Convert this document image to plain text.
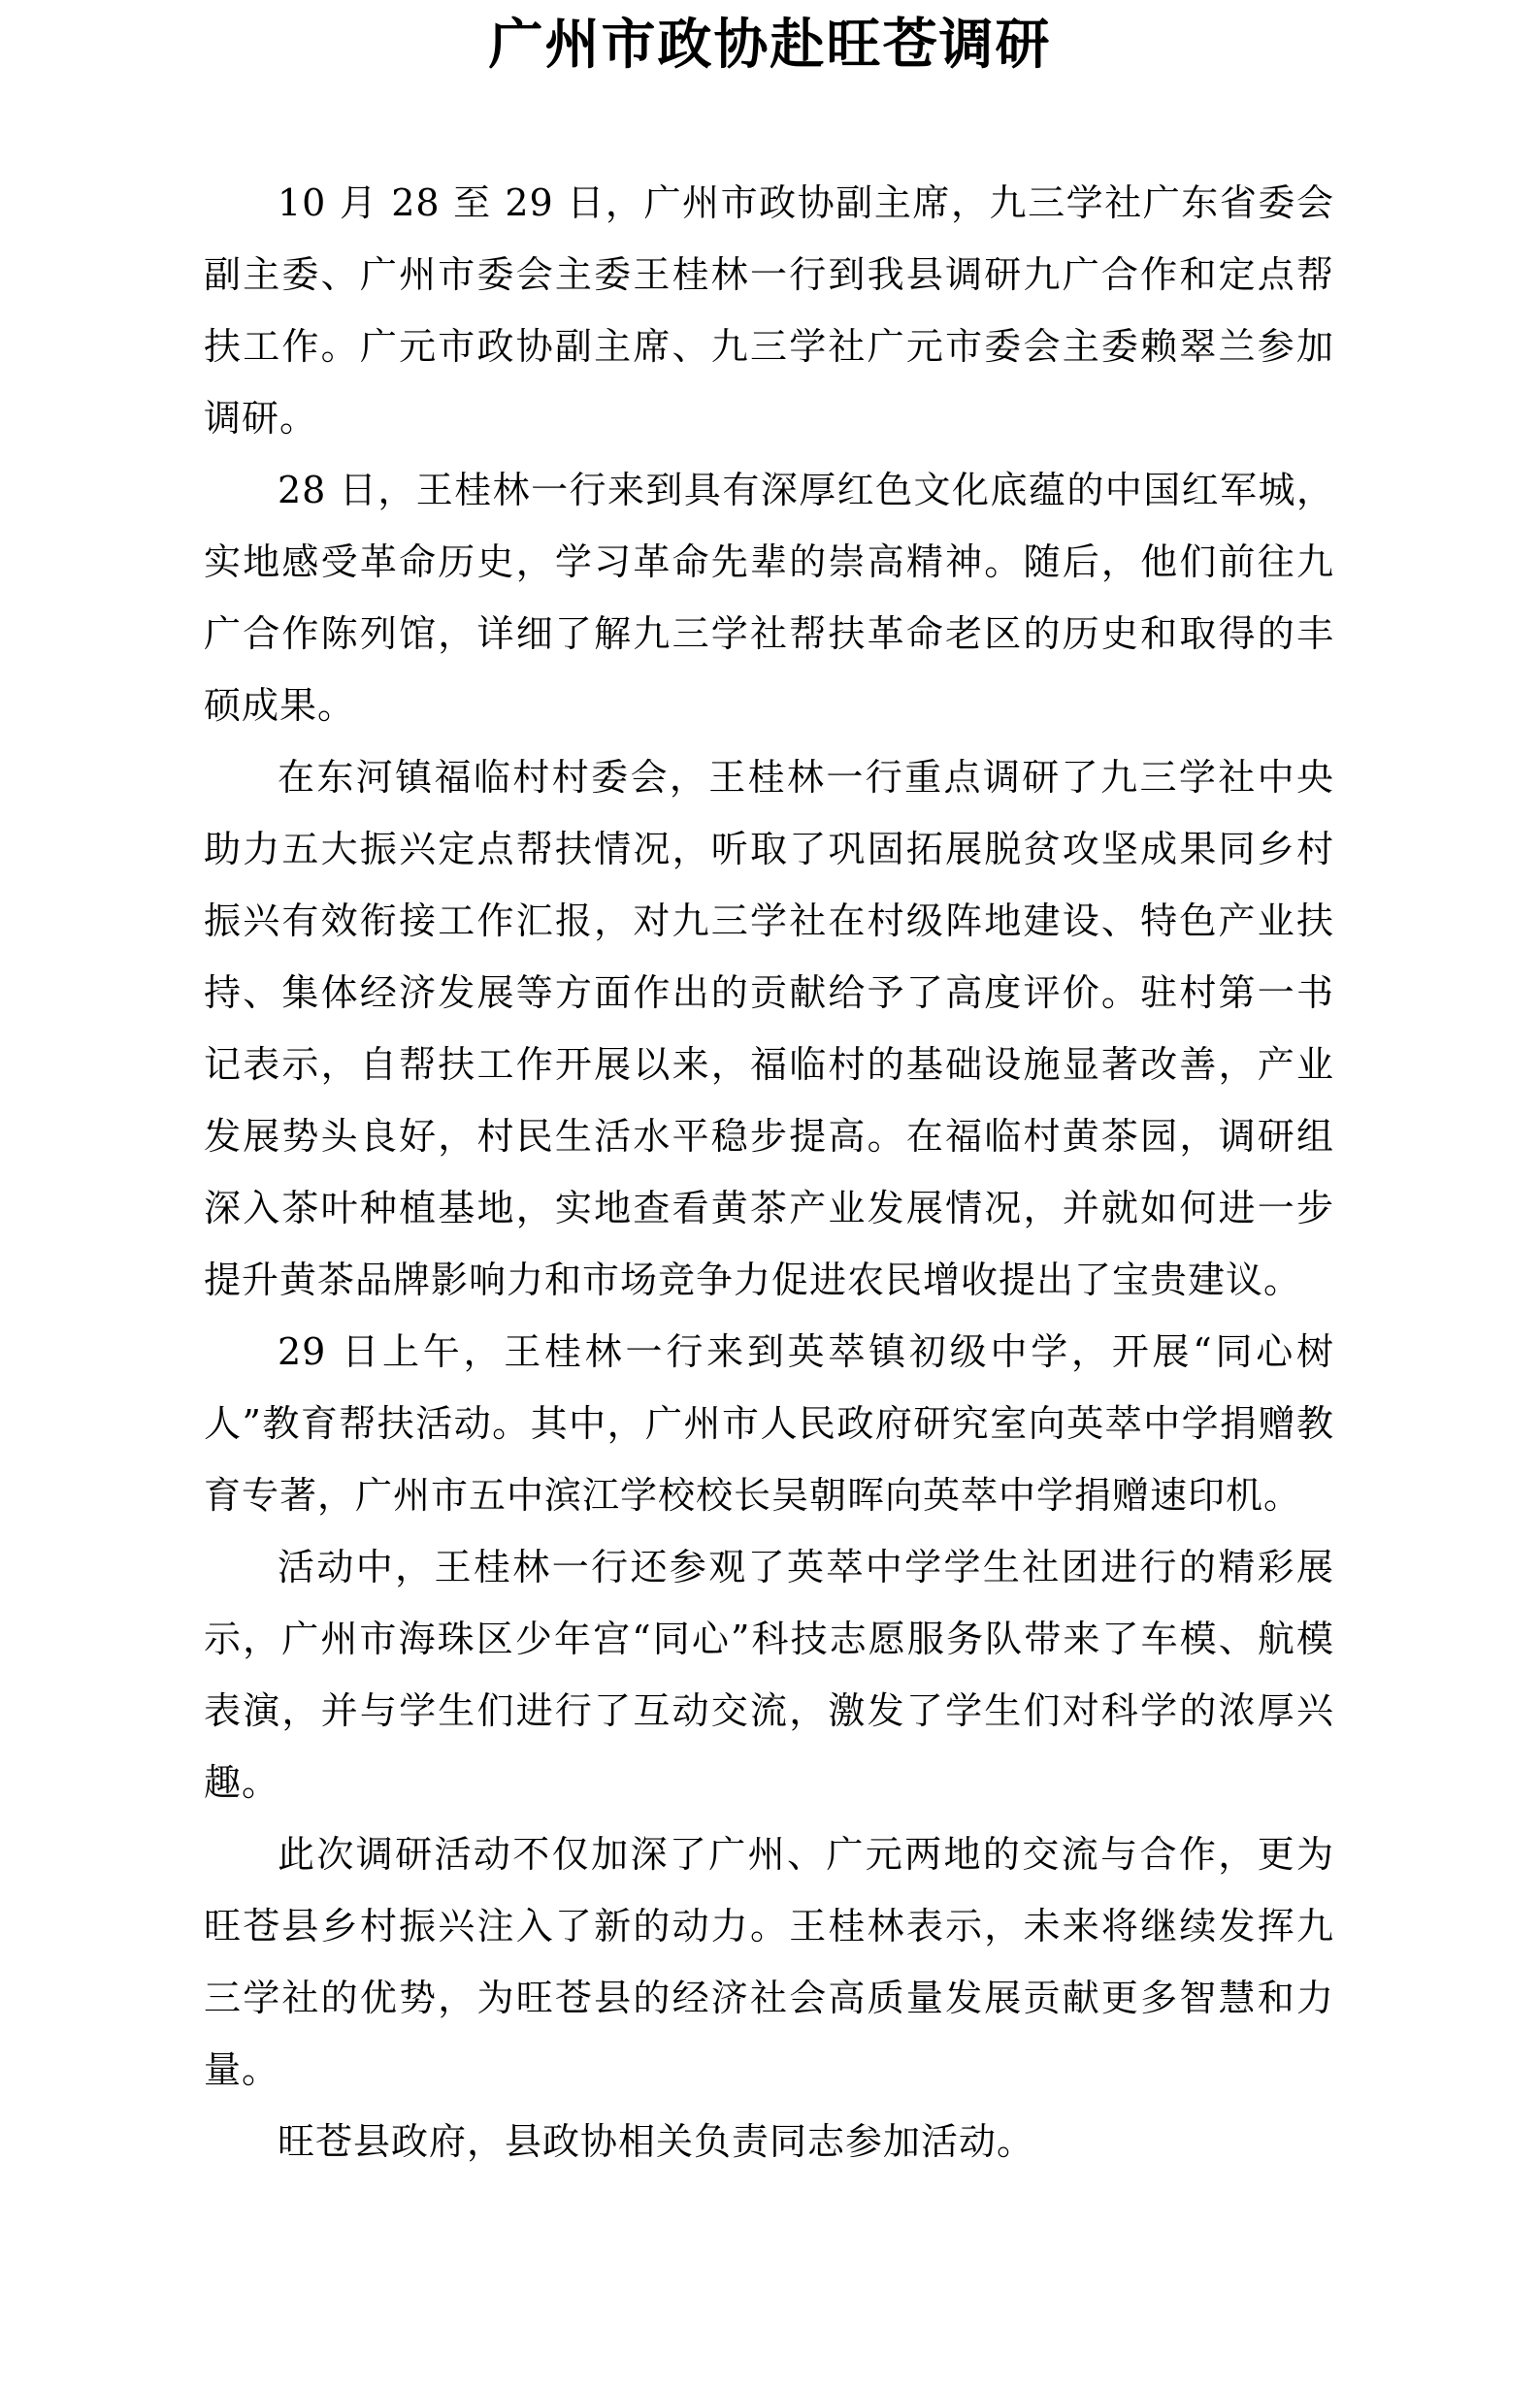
广州市政协赴旺苍调研

10 月 28 至 29 日，广州市政协副主席，九三学社广东省委会副主委、广州市委会主委王桂林一行到我县调研九广合作和定点帮扶工作。广元市政协副主席、九三学社广元市委会主委赖翠兰参加调研。

28 日，王桂林一行来到具有深厚红色文化底蕴的中国红军城，实地感受革命历史，学习革命先辈的崇高精神。随后，他们前往九广合作陈列馆，详细了解九三学社帮扶革命老区的历史和取得的丰硕成果。

在东河镇福临村村委会，王桂林一行重点调研了九三学社中央助力五大振兴定点帮扶情况，听取了巩固拓展脱贫攻坚成果同乡村振兴有效衔接工作汇报，对九三学社在村级阵地建设、特色产业扶持、集体经济发展等方面作出的贡献给予了高度评价。驻村第一书记表示，自帮扶工作开展以来，福临村的基础设施显著改善，产业发展势头良好，村民生活水平稳步提高。在福临村黄茶园，调研组深入茶叶种植基地，实地查看黄茶产业发展情况，并就如何进一步提升黄茶品牌影响力和市场竞争力促进农民增收提出了宝贵建议。

29 日上午，王桂林一行来到英萃镇初级中学，开展“同心树人”教育帮扶活动。其中，广州市人民政府研究室向英萃中学捐赠教育专著，广州市五中滨江学校校长吴朝晖向英萃中学捐赠速印机。

活动中，王桂林一行还参观了英萃中学学生社团进行的精彩展示，广州市海珠区少年宫“同心”科技志愿服务队带来了车模、航模表演，并与学生们进行了互动交流，激发了学生们对科学的浓厚兴趣。

此次调研活动不仅加深了广州、广元两地的交流与合作，更为旺苍县乡村振兴注入了新的动力。王桂林表示，未来将继续发挥九三学社的优势，为旺苍县的经济社会高质量发展贡献更多智慧和力量。

旺苍县政府，县政协相关负责同志参加活动。
